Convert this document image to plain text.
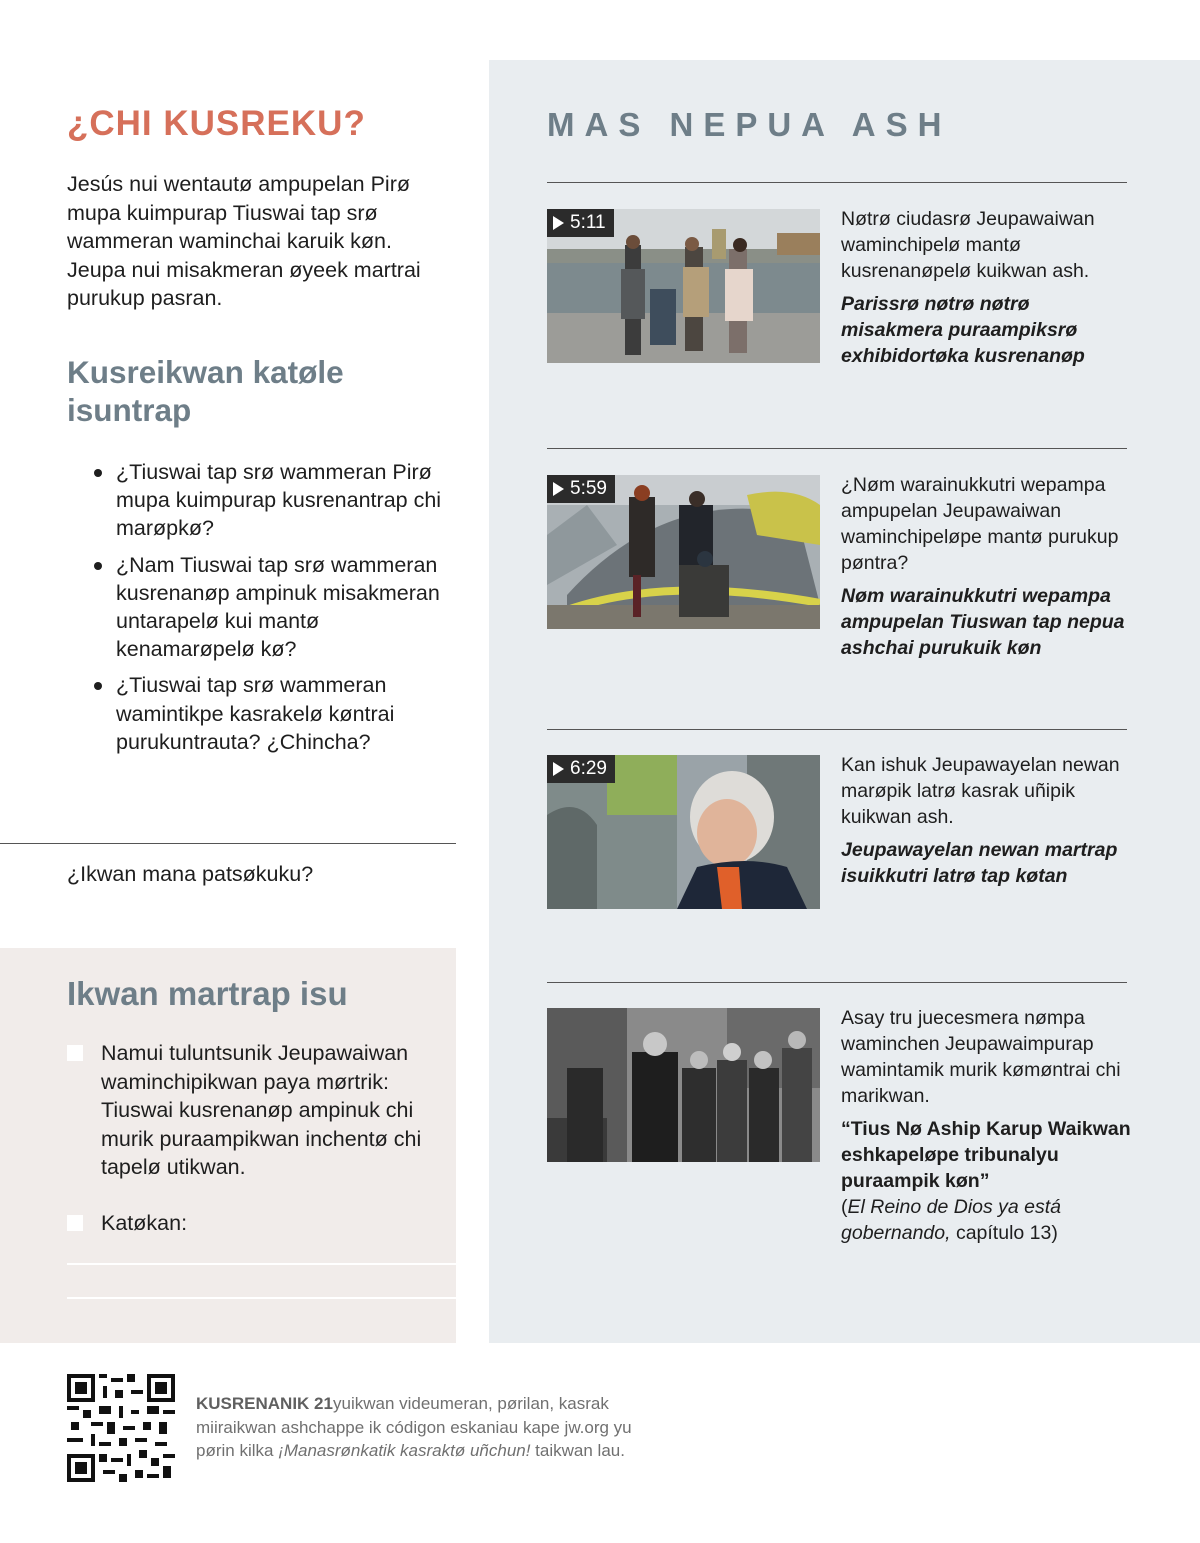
¿CHI KUSREKU?

Jesús nui wentautø ampupelan Pirø mupa kuimpurap Tiuswai tap srø wammeran waminchai karuik køn. Jeupa nui misakmeran øyeek martrai purukup pasran.

Kusreikwan katøle isuntrap
¿Tiuswai tap srø wammeran Pirø mupa kuimpurap kusrenantrap chi marøpkø?
¿Nam Tiuswai tap srø wammeran kusrenanøp ampinuk misakmeran untarapelø kui mantø kenamarøpelø kø?
¿Tiuswai tap srø wammeran wamintikpe kasrakelø køntrai purukuntrauta? ¿Chincha?

¿Ikwan mana patsøkuku?

Ikwan martrap isu
Namui tuluntsunik Jeupawaiwan waminchipikwan paya mørtrik: Tiuswai kusrenanøp ampinuk chi murik puraampikwan inchentø chi tapelø utikwan.
Katøkan:
MAS NEPUA ASH
5:11	Nøtrø ciudasrø Jeupawaiwan waminchipelø mantø kusrenanøpelø kuikwan ash.

Parissrø nøtrø nøtrø misakmera puraampiksrø exhibidortøka kusrenanøp

5:59	¿Nøm warainukkutri wepampa ampupelan Jeupawaiwan waminchipeløpe mantø purukup pøntra?

Nøm warainukkutri wepampa ampupelan Tiuswan tap nepua ashchai purukuik køn

6:29	Kan ishuk Jeupawayelan newan marøpik latrø kasrak uñipik kuikwan ash.

Jeupawayelan newan martrap isuikkutri latrø tap køtan

Asay tru juecesmera nømpa waminchen Jeupawaimpurap wamintamik murik kømøntrai chi marikwan.

“Tius Nø Aship Karup Waikwan eshkapeløpe tribunalyu puraampik køn”

(El Reino de Dios ya está gobernando, capítulo 13)

KUSRENANIK 21yuikwan videumeran, pørilan, kasrak miiraikwan ashchappe ik códigon eskaniau kape jw.org yu pørin kilka ¡Manasrønkatik kasraktø uñchun! taikwan lau.
